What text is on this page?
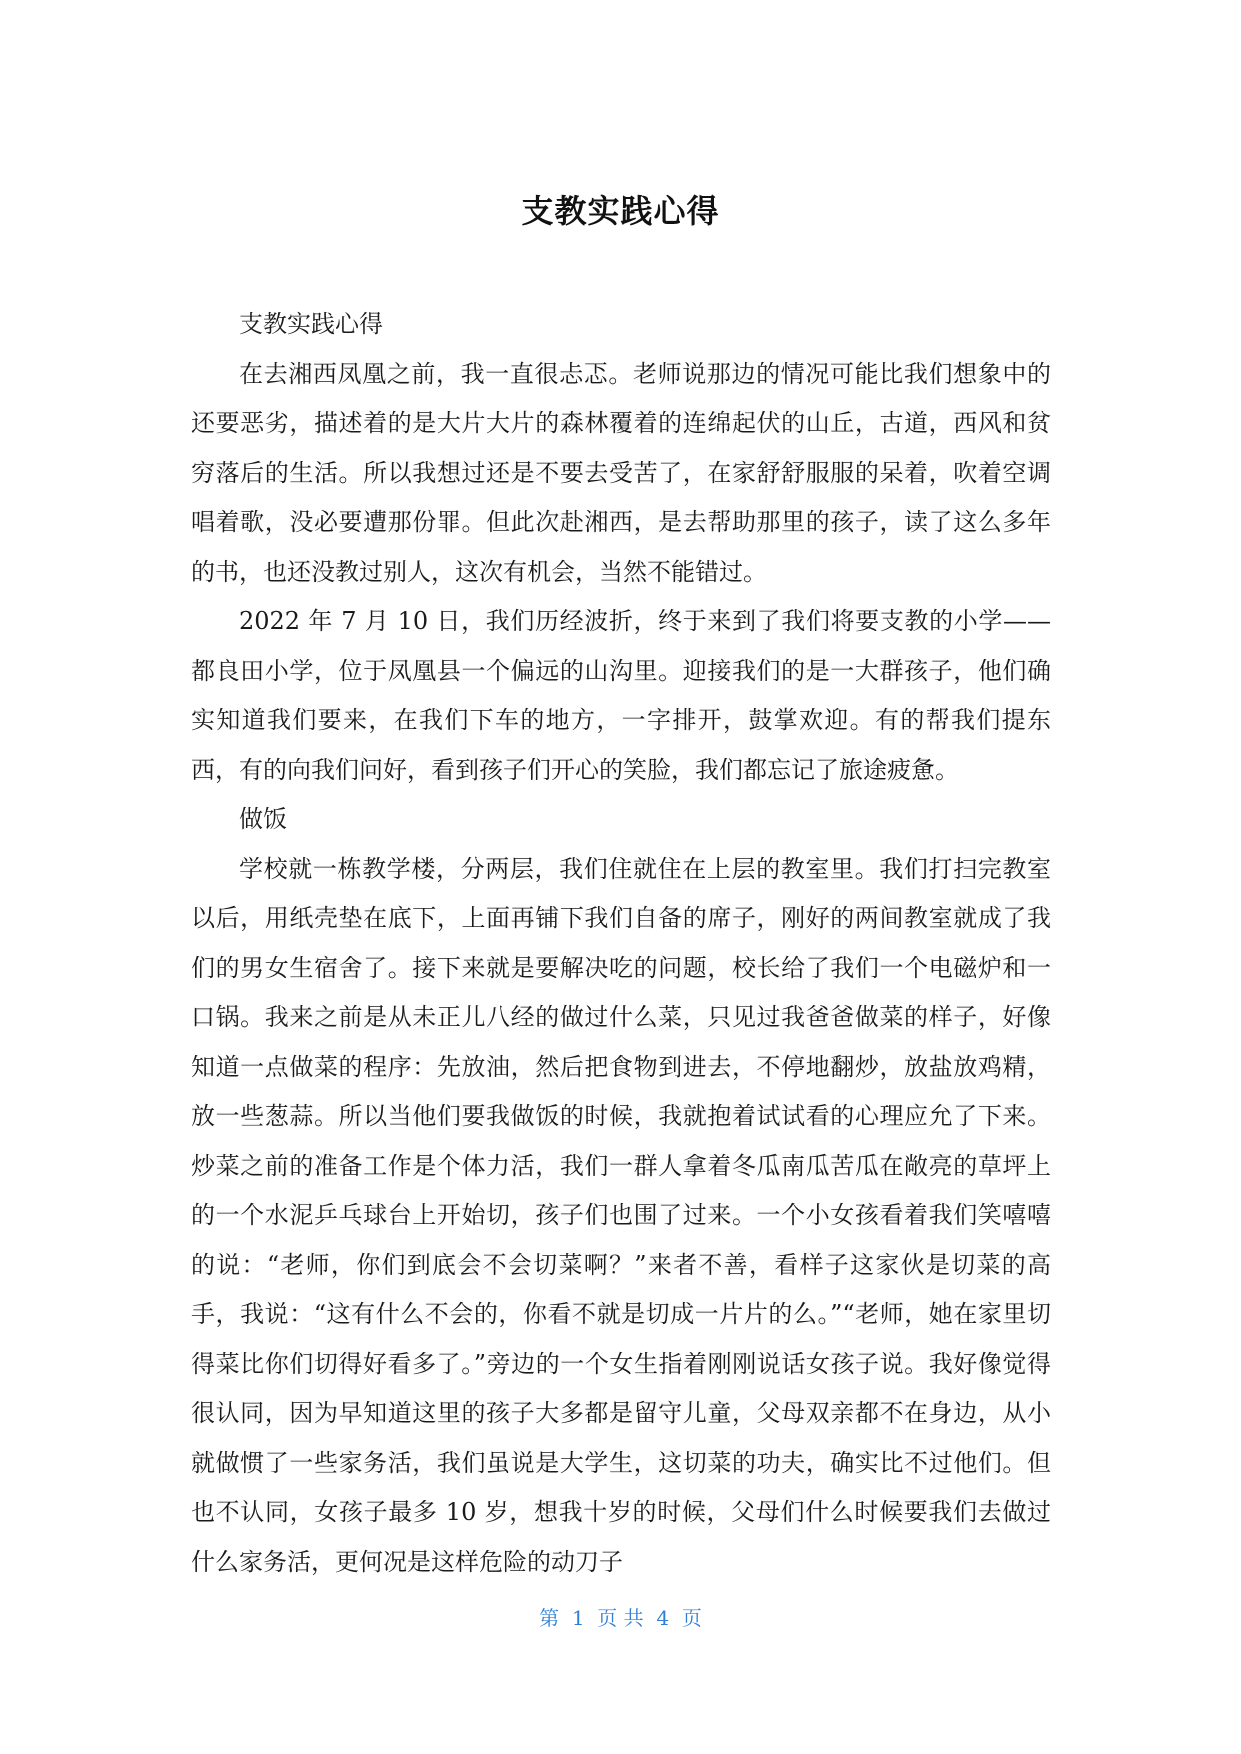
支教实践心得

支教实践心得

在去湘西凤凰之前，我一直很忐忑。老师说那边的情况可能比我们想象中的还要恶劣，描述着的是大片大片的森林覆着的连绵起伏的山丘，古道，西风和贫穷落后的生活。所以我想过还是不要去受苦了，在家舒舒服服的呆着，吹着空调唱着歌，没必要遭那份罪。但此次赴湘西，是去帮助那里的孩子，读了这么多年的书，也还没教过别人，这次有机会，当然不能错过。

2022 年 7 月 10 日，我们历经波折，终于来到了我们将要支教的小学——都良田小学，位于凤凰县一个偏远的山沟里。迎接我们的是一大群孩子，他们确实知道我们要来，在我们下车的地方，一字排开，鼓掌欢迎。有的帮我们提东西，有的向我们问好，看到孩子们开心的笑脸，我们都忘记了旅途疲惫。

做饭

学校就一栋教学楼，分两层，我们住就住在上层的教室里。我们打扫完教室以后，用纸壳垫在底下，上面再铺下我们自备的席子，刚好的两间教室就成了我们的男女生宿舍了。接下来就是要解决吃的问题，校长给了我们一个电磁炉和一口锅。我来之前是从未正儿八经的做过什么菜，只见过我爸爸做菜的样子，好像知道一点做菜的程序：先放油，然后把食物到进去，不停地翻炒，放盐放鸡精，放一些葱蒜。所以当他们要我做饭的时候，我就抱着试试看的心理应允了下来。炒菜之前的准备工作是个体力活，我们一群人拿着冬瓜南瓜苦瓜在敞亮的草坪上的一个水泥乒乓球台上开始切，孩子们也围了过来。一个小女孩看着我们笑嘻嘻的说：“老师，你们到底会不会切菜啊？”来者不善，看样子这家伙是切菜的高手，我说：“这有什么不会的，你看不就是切成一片片的么。”“老师，她在家里切得菜比你们切得好看多了。”旁边的一个女生指着刚刚说话女孩子说。我好像觉得很认同，因为早知道这里的孩子大多都是留守儿童，父母双亲都不在身边，从小就做惯了一些家务活，我们虽说是大学生，这切菜的功夫，确实比不过他们。但也不认同，女孩子最多 10 岁，想我十岁的时候，父母们什么时候要我们去做过什么家务活，更何况是这样危险的动刀子

第  1  页 共  4  页
